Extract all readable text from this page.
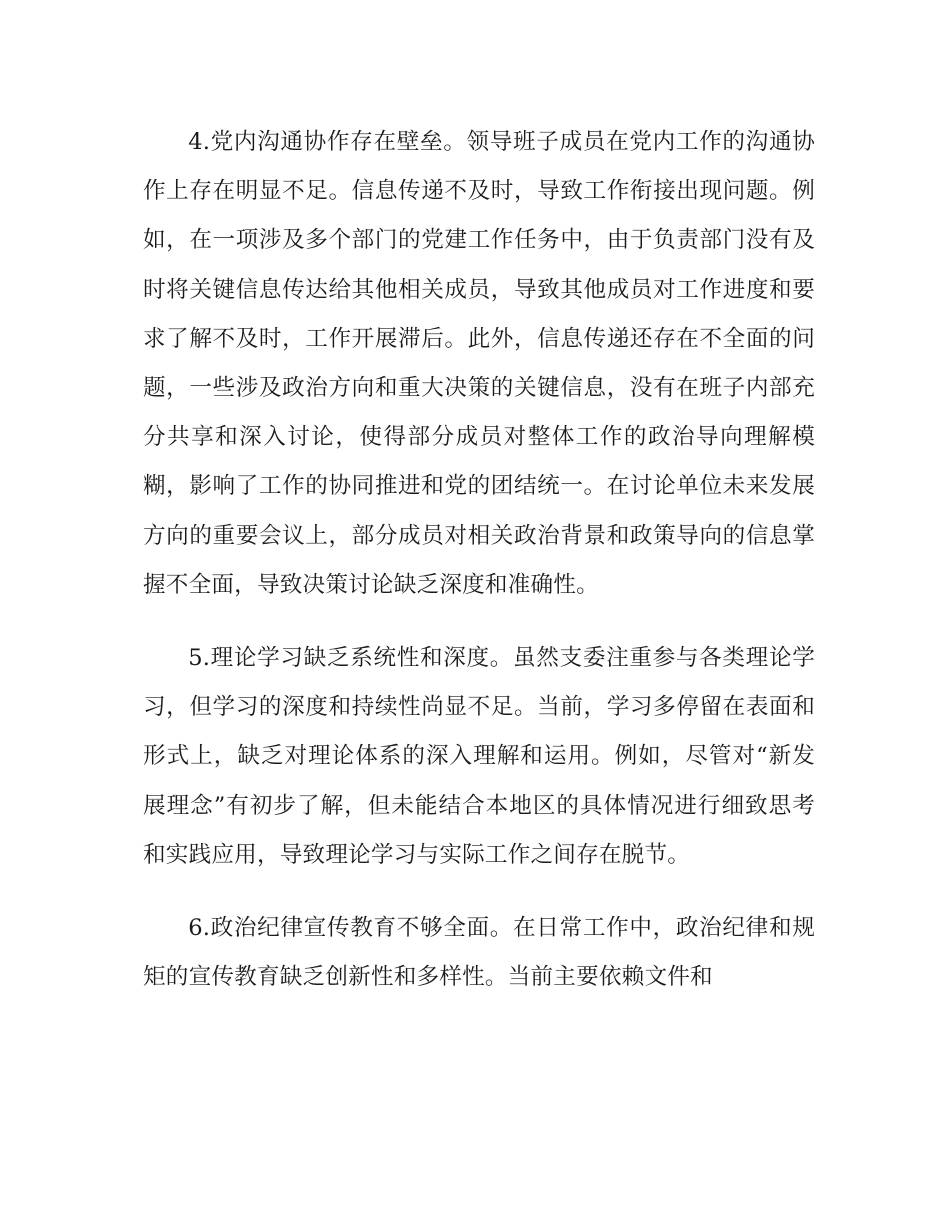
4.党内沟通协作存在壁垒。领导班子成员在党内工作的沟通协作上存在明显不足。信息传递不及时，导致工作衔接出现问题。例如，在一项涉及多个部门的党建工作任务中，由于负责部门没有及时将关键信息传达给其他相关成员，导致其他成员对工作进度和要求了解不及时，工作开展滞后。此外，信息传递还存在不全面的问题，一些涉及政治方向和重大决策的关键信息，没有在班子内部充分共享和深入讨论，使得部分成员对整体工作的政治导向理解模糊，影响了工作的协同推进和党的团结统一。在讨论单位未来发展方向的重要会议上，部分成员对相关政治背景和政策导向的信息掌握不全面，导致决策讨论缺乏深度和准确性。

5.理论学习缺乏系统性和深度。虽然支委注重参与各类理论学习，但学习的深度和持续性尚显不足。当前，学习多停留在表面和形式上，缺乏对理论体系的深入理解和运用。例如，尽管对“新发展理念”有初步了解，但未能结合本地区的具体情况进行细致思考和实践应用，导致理论学习与实际工作之间存在脱节。

6.政治纪律宣传教育不够全面。在日常工作中，政治纪律和规矩的宣传教育缺乏创新性和多样性。当前主要依赖文件和
